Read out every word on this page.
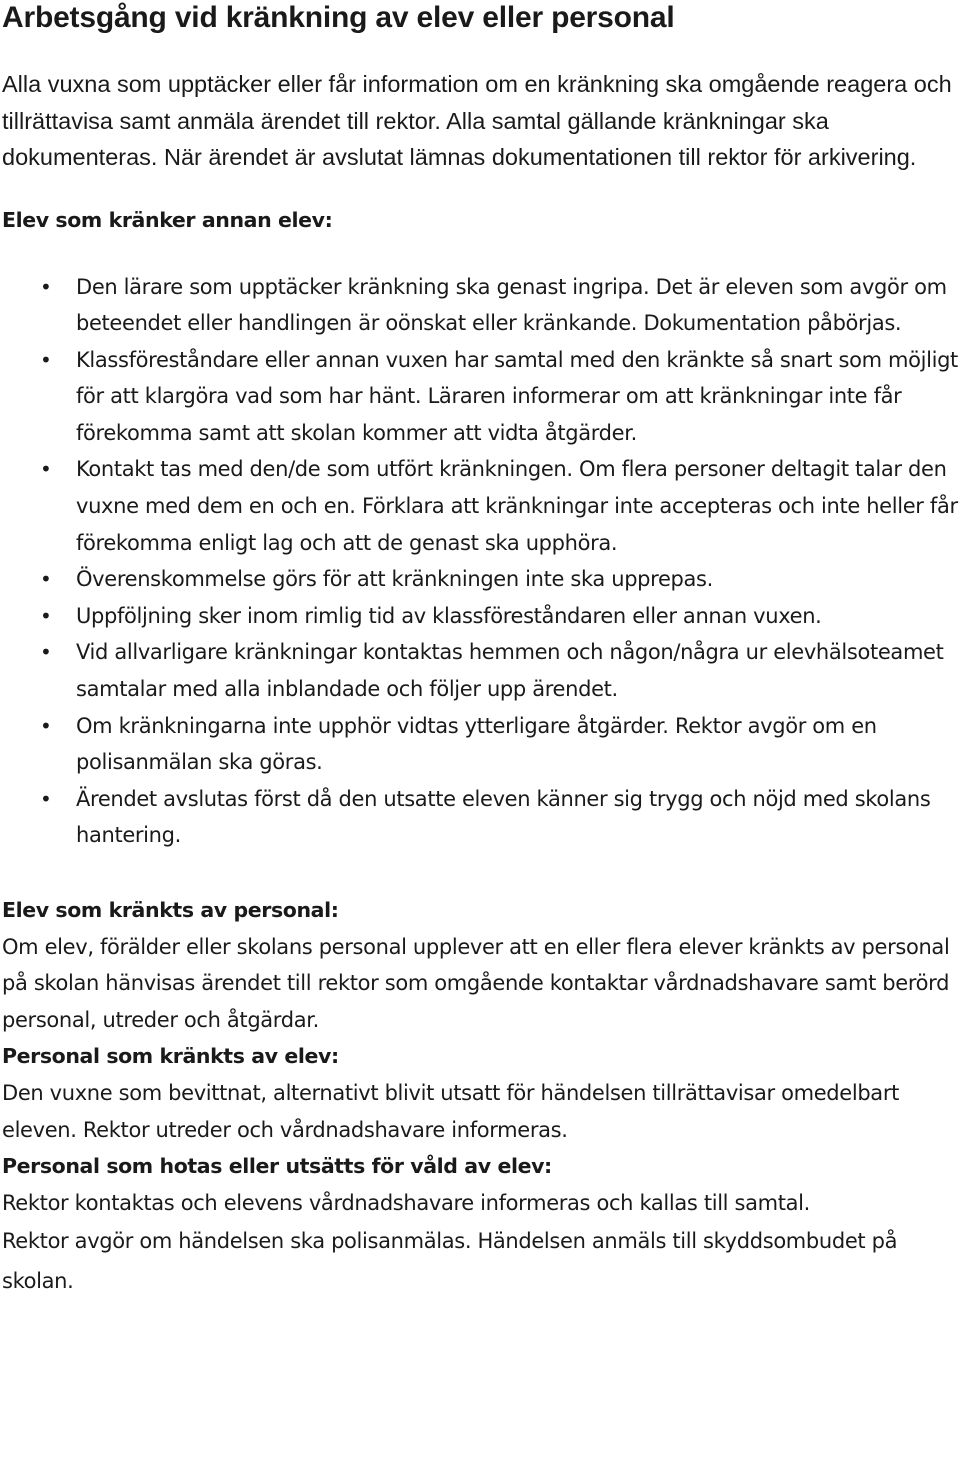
Arbetsgång vid kränkning av elev eller personal

Alla vuxna som upptäcker eller får information om en kränkning ska omgående reagera och tillrättavisa samt anmäla ärendet till rektor. Alla samtal gällande kränkningar ska dokumenteras. När ärendet är avslutat lämnas dokumentationen till rektor för arkivering.

Elev som kränker annan elev:
• Den lärare som upptäcker kränkning ska genast ingripa. Det är eleven som avgör om beteendet eller handlingen är oönskat eller kränkande. Dokumentation påbörjas.
• Klassföreståndare eller annan vuxen har samtal med den kränkte så snart som möjligt för att klargöra vad som har hänt. Läraren informerar om att kränkningar inte får förekomma samt att skolan kommer att vidta åtgärder.
• Kontakt tas med den/de som utfört kränkningen. Om flera personer deltagit talar den vuxne med dem en och en. Förklara att kränkningar inte accepteras och inte heller får förekomma enligt lag och att de genast ska upphöra.
• Överenskommelse görs för att kränkningen inte ska upprepas.
• Uppföljning sker inom rimlig tid av klassföreståndaren eller annan vuxen.
• Vid allvarligare kränkningar kontaktas hemmen och någon/några ur elevhälsoteamet samtalar med alla inblandade och följer upp ärendet.
• Om kränkningarna inte upphör vidtas ytterligare åtgärder. Rektor avgör om en polisanmälan ska göras.
• Ärendet avslutas först då den utsatte eleven känner sig trygg och nöjd med skolans hantering.
Elev som kränkts av personal:

Om elev, förälder eller skolans personal upplever att en eller flera elever kränkts av personal på skolan hänvisas ärendet till rektor som omgående kontaktar vårdnadshavare samt berörd personal, utreder och åtgärdar.

Personal som kränkts av elev:

Den vuxne som bevittnat, alternativt blivit utsatt för händelsen tillrättavisar omedelbart eleven. Rektor utreder och vårdnadshavare informeras.

Personal som hotas eller utsätts för våld av elev:

Rektor kontaktas och elevens vårdnadshavare informeras och kallas till samtal.

Rektor avgör om händelsen ska polisanmälas. Händelsen anmäls till skyddsombudet på skolan.
